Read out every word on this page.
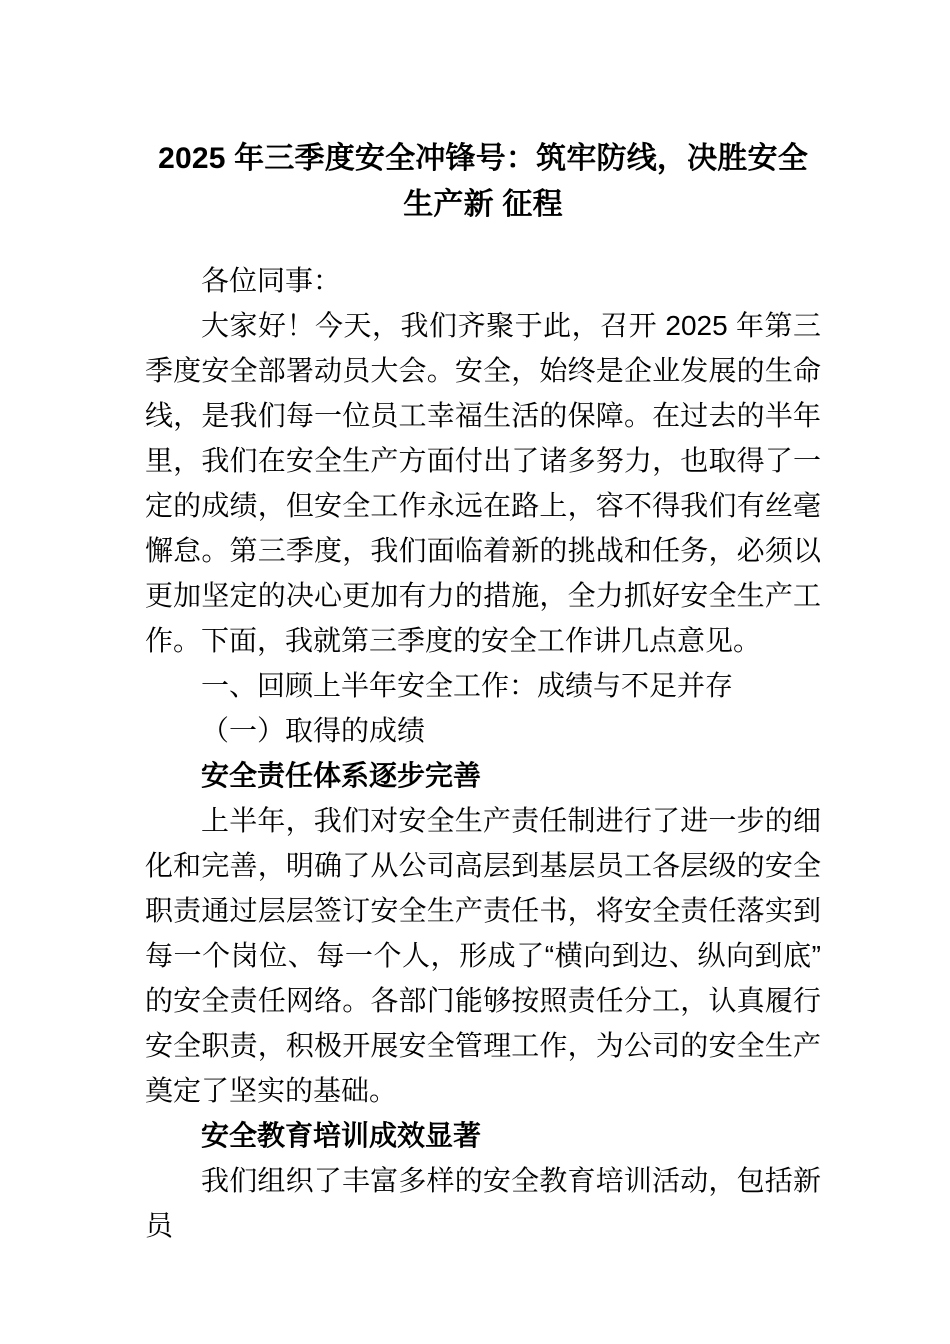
2025 年三季度安全冲锋号：筑牢防线，决胜安全生产新 征程

各位同事：

大家好！今天，我们齐聚于此，召开 2025 年第三季度安全部署动员大会。安全，始终是企业发展的生命线，是我们每一位员工幸福生活的保障。在过去的半年里，我们在安全生产方面付出了诸多努力，也取得了一定的成绩，但安全工作永远在路上，容不得我们有丝毫懈怠。第三季度，我们面临着新的挑战和任务，必须以更加坚定的决心更加有力的措施，全力抓好安全生产工作。下面，我就第三季度的安全工作讲几点意见。

一、回顾上半年安全工作：成绩与不足并存

（一）取得的成绩

安全责任体系逐步完善

上半年，我们对安全生产责任制进行了进一步的细化和完善，明确了从公司高层到基层员工各层级的安全职责通过层层签订安全生产责任书，将安全责任落实到每一个岗位、每一个人，形成了“横向到边、纵向到底”的安全责任网络。各部门能够按照责任分工，认真履行安全职责，积极开展安全管理工作，为公司的安全生产奠定了坚实的基础。

安全教育培训成效显著

我们组织了丰富多样的安全教育培训活动，包括新员
